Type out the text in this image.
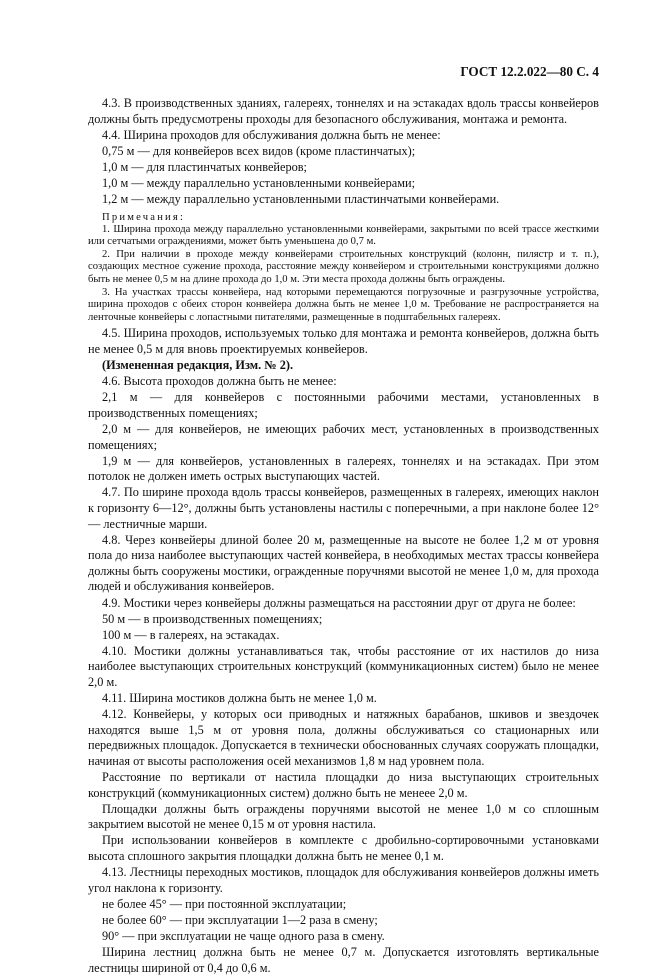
ГОСТ 12.2.022—80 С. 4
4.3. В производственных зданиях, галереях, тоннелях и на эстакадах вдоль трассы конвейеров должны быть предусмотрены проходы для безопасного обслуживания, монтажа и ремонта.
4.4. Ширина проходов для обслуживания должна быть не менее:
0,75 м — для конвейеров всех видов (кроме пластинчатых);
1,0 м — для пластинчатых конвейеров;
1,0 м — между параллельно установленными конвейерами;
1,2 м — между параллельно установленными пластинчатыми конвейерами.
Примечания:
1. Ширина прохода между параллельно установленными конвейерами, закрытыми по всей трассе жесткими или сетчатыми ограждениями, может быть уменьшена до 0,7 м.
2. При наличии в проходе между конвейерами строительных конструкций (колонн, пилястр и т. п.), создающих местное сужение прохода, расстояние между конвейером и строительными конструкциями должно быть не менее 0,5 м на длине прохода до 1,0 м. Эти места прохода должны быть ограждены.
3. На участках трассы конвейера, над которыми перемещаются погрузочные и разгрузочные устройства, ширина проходов с обеих сторон конвейера должна быть не менее 1,0 м. Требование не распространяется на ленточные конвейеры с лопастными питателями, размещенные в подштабельных галереях.
4.5. Ширина проходов, используемых только для монтажа и ремонта конвейеров, должна быть не менее 0,5 м для вновь проектируемых конвейеров.
(Измененная редакция, Изм. № 2).
4.6. Высота проходов должна быть не менее:
2,1 м — для конвейеров с постоянными рабочими местами, установленных в производственных помещениях;
2,0 м — для конвейеров, не имеющих рабочих мест, установленных в производственных помещениях;
1,9 м — для конвейеров, установленных в галереях, тоннелях и на эстакадах. При этом потолок не должен иметь острых выступающих частей.
4.7. По ширине прохода вдоль трассы конвейеров, размещенных в галереях, имеющих наклон к горизонту 6—12°, должны быть установлены настилы с поперечными, а при наклоне более 12° — лестничные марши.
4.8. Через конвейеры длиной более 20 м, размещенные на высоте не более 1,2 м от уровня пола до низа наиболее выступающих частей конвейера, в необходимых местах трассы конвейера должны быть сооружены мостики, огражденные поручнями высотой не менее 1,0 м, для прохода людей и обслуживания конвейеров.
4.9. Мостики через конвейеры должны размещаться на расстоянии друг от друга не более:
50 м — в производственных помещениях;
100 м — в галереях, на эстакадах.
4.10. Мостики должны устанавливаться так, чтобы расстояние от их настилов до низа наиболее выступающих строительных конструкций (коммуникационных систем) было не менее 2,0 м.
4.11. Ширина мостиков должна быть не менее 1,0 м.
4.12. Конвейеры, у которых оси приводных и натяжных барабанов, шкивов и звездочек находятся выше 1,5 м от уровня пола, должны обслуживаться со стационарных или передвижных площадок. Допускается в технически обоснованных случаях сооружать площадки, начиная от высоты расположения осей механизмов 1,8 м над уровнем пола.
Расстояние по вертикали от настила площадки до низа выступающих строительных конструкций (коммуникационных систем) должно быть не менеее 2,0 м.
Площадки должны быть ограждены поручнями высотой не менее 1,0 м со сплошным закрытием высотой не менее 0,15 м от уровня настила.
При использовании конвейеров в комплекте с дробильно-сортировочными установками высота сплошного закрытия площадки должна быть не менее 0,1 м.
4.13. Лестницы переходных мостиков, площадок для обслуживания конвейеров должны иметь угол наклона к горизонту.
не более 45° — при постоянной эксплуатации;
не более 60° — при эксплуатации 1—2 раза в смену;
90° — при эксплуатации не чаще одного раза в смену.
Ширина лестниц должна быть не менее 0,7 м. Допускается изготовлять вертикальные лестницы шириной от 0,4 до 0,6 м.
